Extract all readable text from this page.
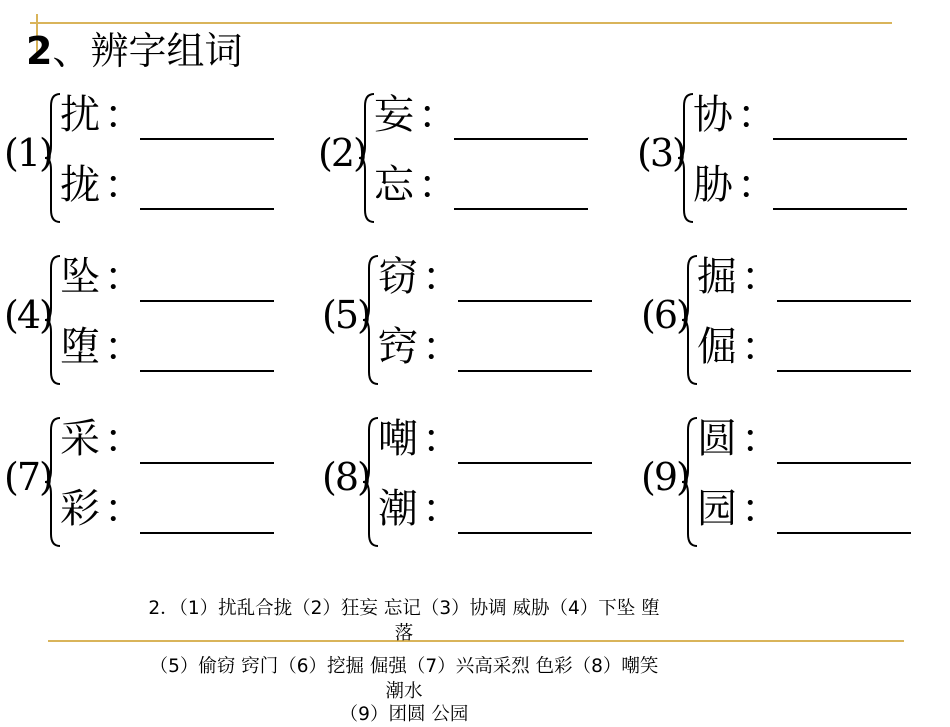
2、辨字组词
(1)
扰 ：
拢 ：
(2)
妄 ：
忘 ：
(3)
协 ：
胁 ：
(4)
坠 ：
堕 ：
(5)
窃 ：
窍 ：
(6)
掘 ：
倔 ：
(7)
采 ：
彩 ：
(8)
嘲 ：
潮 ：
(9)
圆 ：
园 ：
2．（1）扰乱合拢（2）狂妄 忘记（3）协调 威胁（4）下坠 堕
落
（5）偷窃 窍门（6）挖掘 倔强（7）兴高采烈 色彩（8）嘲笑
潮水
（9）团圆 公园
